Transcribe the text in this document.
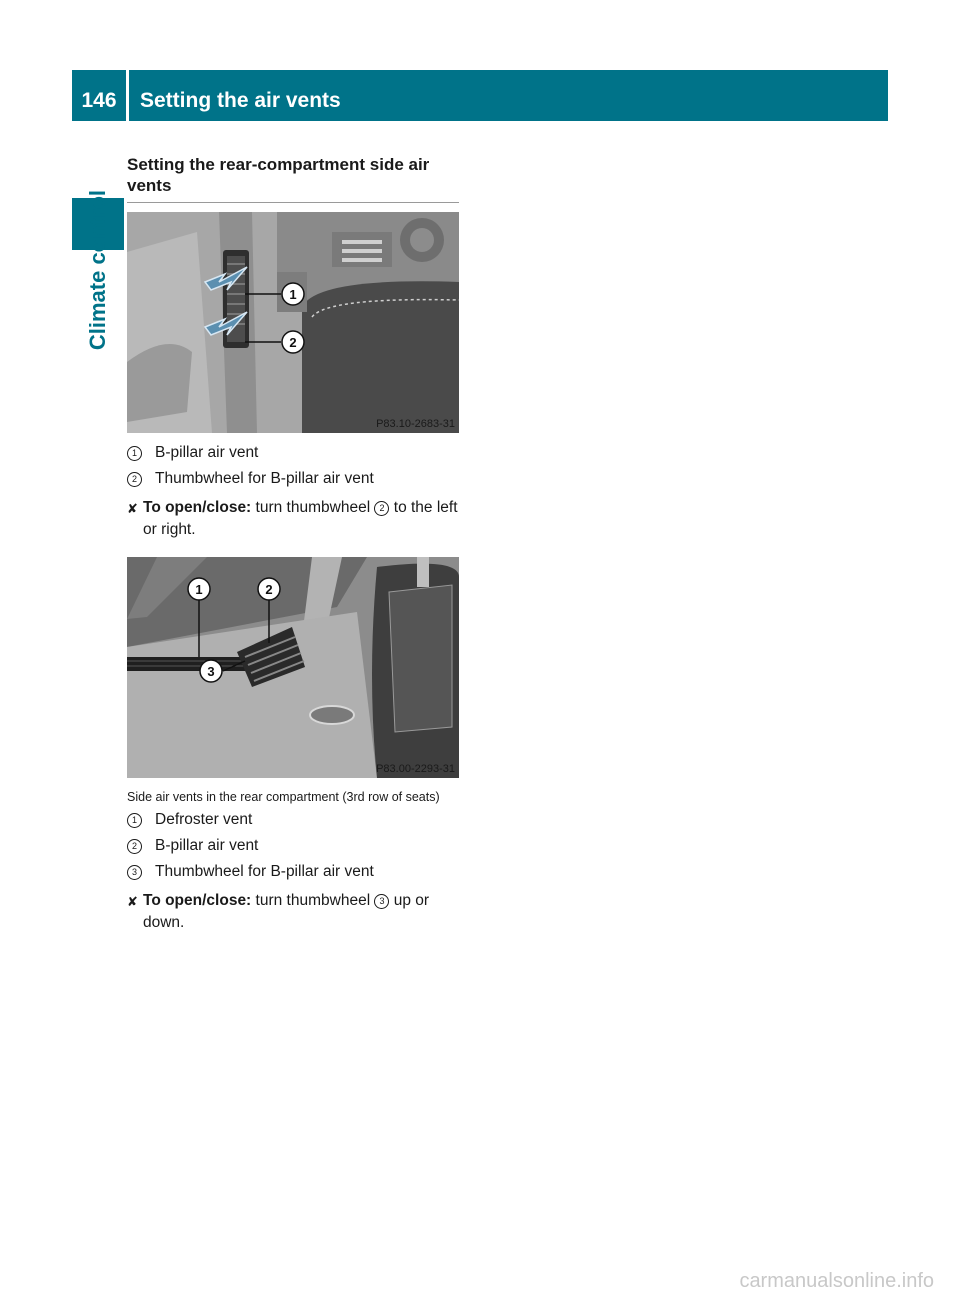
146	Setting the air vents
Climate control
Setting the rear-compartment side air vents
1
2
P83.10-2683-31
1	B-pillar air vent
2	Thumbwheel for B-pillar air vent
✘ To open/close: turn thumbwheel 2 to the left or right.
1	2
3
P83.00-2293-31
Side air vents in the rear compartment (3rd row of seats)
1	Defroster vent
2	B-pillar air vent
3	Thumbwheel for B-pillar air vent
✘ To open/close: turn thumbwheel 3 up or down.
carmanualsonline.info
